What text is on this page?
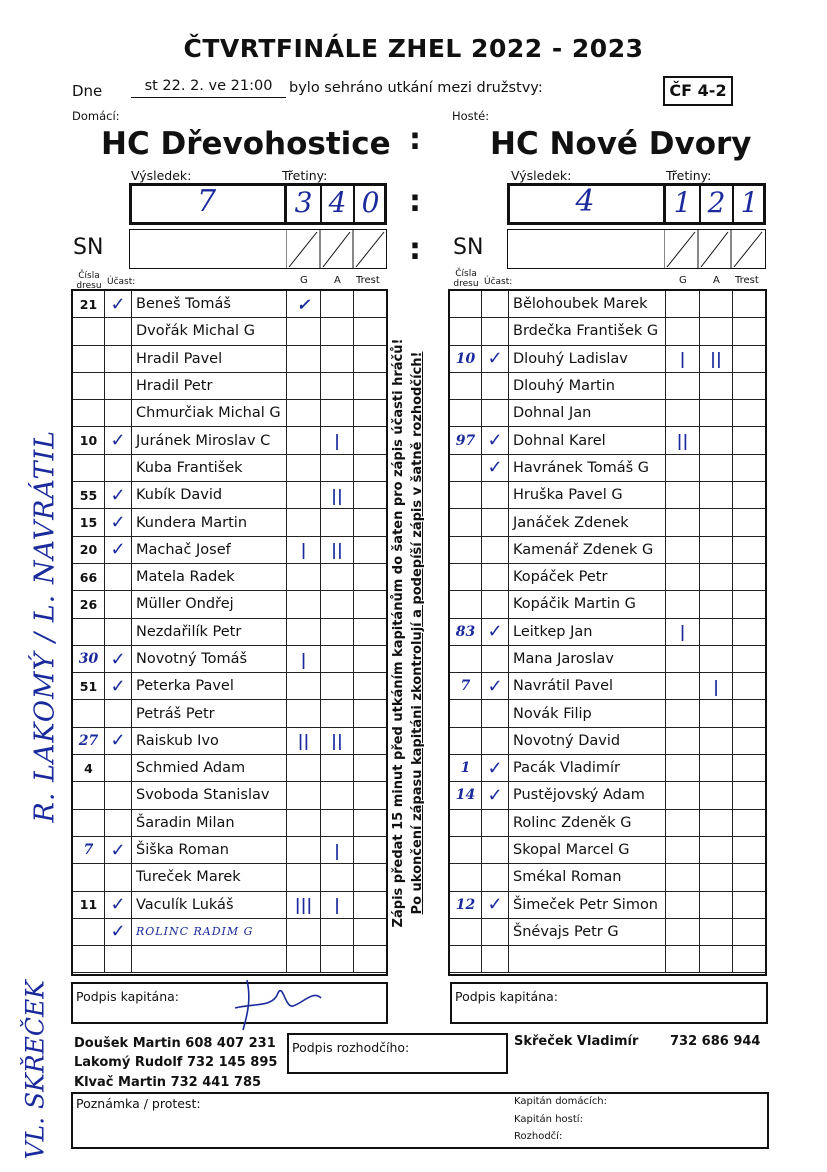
ČTVRTFINÁLE ZHEL 2022 - 2023
Dne	st 22. 2. ve 21:00	bylo sehráno utkání mezi družstvy:	ČF 4-2
Domácí:	Hosté:
HC Dřevohostice	HC Nové Dvory
:
:
:
Výsledek:	Třetiny:
7	3 4 0
Výsledek:	Třetiny:
4	1 2 1
SN	SN
Čísla dresu Účast:	G	A Trest
Čísla dresu Účast:	G	A Trest
21	✓	Beneš Tomáš	✓		
		Dvořák Michal G			
		Hradil Pavel			
		Hradil Petr			
		Chmurčiak Michal G			
10	✓	Juránek Miroslav C		|	
		Kuba František			
55	✓	Kubík David		||	
15	✓	Kundera Martin			
20	✓	Machač Josef	|	||	
66		Matela Radek			
26		Müller Ondřej			
		Nezdařilík Petr			
30	✓	Novotný Tomáš	|		
51	✓	Peterka Pavel			
		Petráš Petr			
27	✓	Raiskub Ivo	||	||	
4		Schmied Adam			
		Svoboda Stanislav			
		Šaradin Milan			
7	✓	Šiška Roman		|	
		Tureček Marek			
11	✓	Vaculík Lukáš	|||	|	
	✓	ROLINC RADIM G			

		Bělohoubek Marek			
		Brdečka František G			
10	✓	Dlouhý Ladislav	|	||	
		Dlouhý Martin			
		Dohnal Jan			
97	✓	Dohnal Karel	||		
	✓	Havránek Tomáš G			
		Hruška Pavel G			
		Janáček Zdenek			
		Kamenář Zdenek G			
		Kopáček Petr			
		Kopáčik Martin G			
83	✓	Leitkep Jan	|		
		Mana Jaroslav			
7	✓	Navrátil Pavel		|	
		Novák Filip			
		Novotný David			
1	✓	Pacák Vladimír			
14	✓	Pustějovský Adam			
		Rolinc Zdeněk G			
		Skopal Marcel G			
		Smékal Roman			
12	✓	Šimeček Petr Simon			
		Šnévajs Petr G			

Zápis předat 15 minut před utkáním kapitánům do šaten pro zápis účasti hráčů! Po ukončení zápasu kapitáni zkontrolují a podepíší zápis v šatně rozhodčích!
R. LAKOMÝ / L. NAVRÁTIL
VL. SKŘEČEK Podpis kapitána:	Podpis kapitána:
Doušek Martin 608 407 231
Lakomý Rudolf 732 145 895
Klvač Martin 732 441 785
Podpis rozhodčího:	Skřeček Vladimír 732 686 944
Poznámka / protest:	Kapitán domácích:
Kapitán hostí:
Rozhodčí:
